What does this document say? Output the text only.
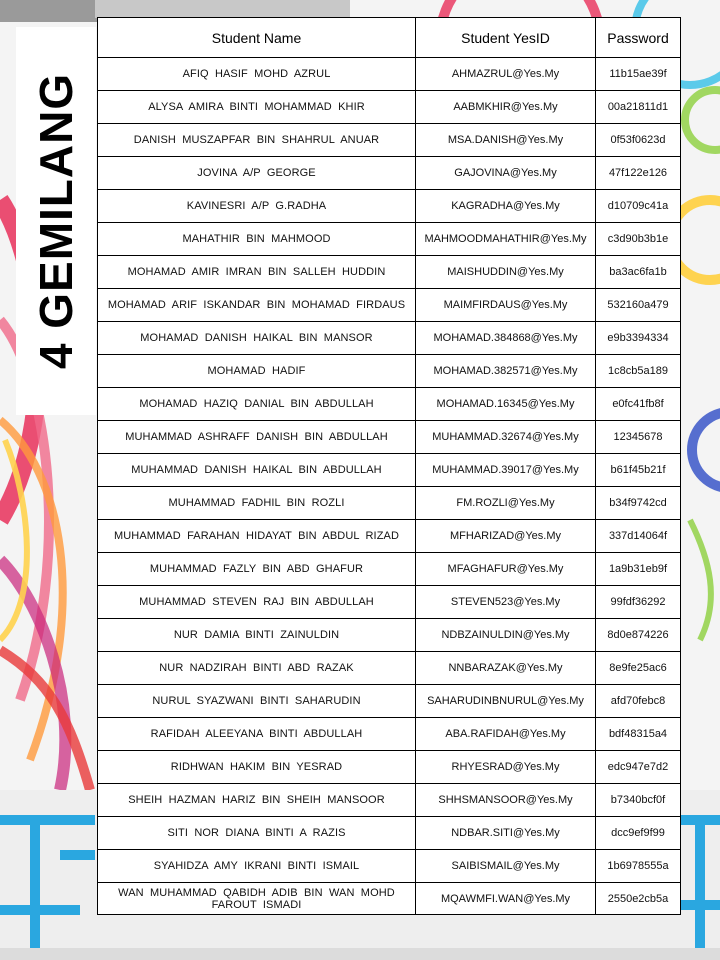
4 GEMILANG
Student Name	Student YesID	Password
AFIQ  HASIF  MOHD  AZRUL	AHMAZRUL@Yes.My	11b15ae39f
ALYSA  AMIRA  BINTI  MOHAMMAD  KHIR	AABMKHIR@Yes.My	00a21811d1
DANISH  MUSZAPFAR  BIN  SHAHRUL  ANUAR	MSA.DANISH@Yes.My	0f53f0623d
JOVINA  A/P  GEORGE	GAJOVINA@Yes.My	47f122e126
KAVINESRI  A/P  G.RADHA	KAGRADHA@Yes.My	d10709c41a
MAHATHIR  BIN  MAHMOOD	MAHMOODMAHATHIR@Yes.My	c3d90b3b1e
MOHAMAD  AMIR  IMRAN  BIN  SALLEH  HUDDIN	MAISHUDDIN@Yes.My	ba3ac6fa1b
MOHAMAD  ARIF  ISKANDAR  BIN  MOHAMAD  FIRDAUS	MAIMFIRDAUS@Yes.My	532160a479
MOHAMAD  DANISH  HAIKAL  BIN  MANSOR	MOHAMAD.384868@Yes.My	e9b3394334
MOHAMAD  HADIF	MOHAMAD.382571@Yes.My	1c8cb5a189
MOHAMAD  HAZIQ  DANIAL  BIN  ABDULLAH	MOHAMAD.16345@Yes.My	e0fc41fb8f
MUHAMMAD  ASHRAFF  DANISH  BIN  ABDULLAH	MUHAMMAD.32674@Yes.My	12345678
MUHAMMAD  DANISH  HAIKAL  BIN  ABDULLAH	MUHAMMAD.39017@Yes.My	b61f45b21f
MUHAMMAD  FADHIL  BIN  ROZLI	FM.ROZLI@Yes.My	b34f9742cd
MUHAMMAD  FARAHAN  HIDAYAT  BIN  ABDUL  RIZAD	MFHARIZAD@Yes.My	337d14064f
MUHAMMAD  FAZLY  BIN  ABD  GHAFUR	MFAGHAFUR@Yes.My	1a9b31eb9f
MUHAMMAD  STEVEN  RAJ  BIN  ABDULLAH	STEVEN523@Yes.My	99fdf36292
NUR  DAMIA  BINTI  ZAINULDIN	NDBZAINULDIN@Yes.My	8d0e874226
NUR  NADZIRAH  BINTI  ABD  RAZAK	NNBARAZAK@Yes.My	8e9fe25ac6
NURUL  SYAZWANI  BINTI  SAHARUDIN	SAHARUDINBNURUL@Yes.My	afd70febc8
RAFIDAH  ALEEYANA  BINTI  ABDULLAH	ABA.RAFIDAH@Yes.My	bdf48315a4
RIDHWAN  HAKIM  BIN  YESRAD	RHYESRAD@Yes.My	edc947e7d2
SHEIH  HAZMAN  HARIZ  BIN  SHEIH  MANSOOR	SHHSMANSOOR@Yes.My	b7340bcf0f
SITI  NOR  DIANA  BINTI  A  RAZIS	NDBAR.SITI@Yes.My	dcc9ef9f99
SYAHIDZA  AMY  IKRANI  BINTI  ISMAIL	SAIBISMAIL@Yes.My	1b6978555a
WAN  MUHAMMAD  QABIDH  ADIB  BIN  WAN  MOHD  FAROUT  ISMADI	MQAWMFI.WAN@Yes.My	2550e2cb5a
